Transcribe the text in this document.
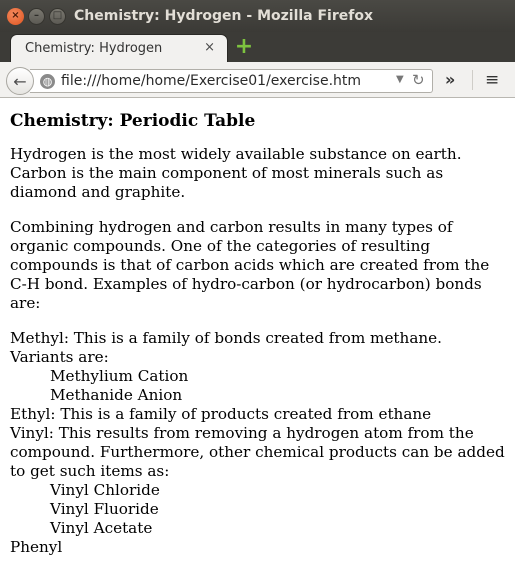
×	–	□ Chemistry: Hydrogen - Mozilla Firefox
Chemistry: Hydrogen	× +
◍ file:///home/home/Exercise01/exercise.htm	▼ ↻
←	» ≡
Chemistry: Periodic Table

Hydrogen is the most widely available substance on earth. Carbon is the main component of most minerals such as diamond and graphite.

Combining hydrogen and carbon results in many types of organic compounds. One of the categories of resulting compounds is that of carbon acids which are created from the C-H bond. Examples of hydro-carbon (or hydrocarbon) bonds are:

Methyl: This is a family of bonds created from methane. Variants are:
Methylium Cation
Methanide Anion
Ethyl: This is a family of products created from ethane
Vinyl: This results from removing a hydrogen atom from the compound. Furthermore, other chemical products can be added to get such items as:
Vinyl Chloride
Vinyl Fluoride
Vinyl Acetate
Phenyl
